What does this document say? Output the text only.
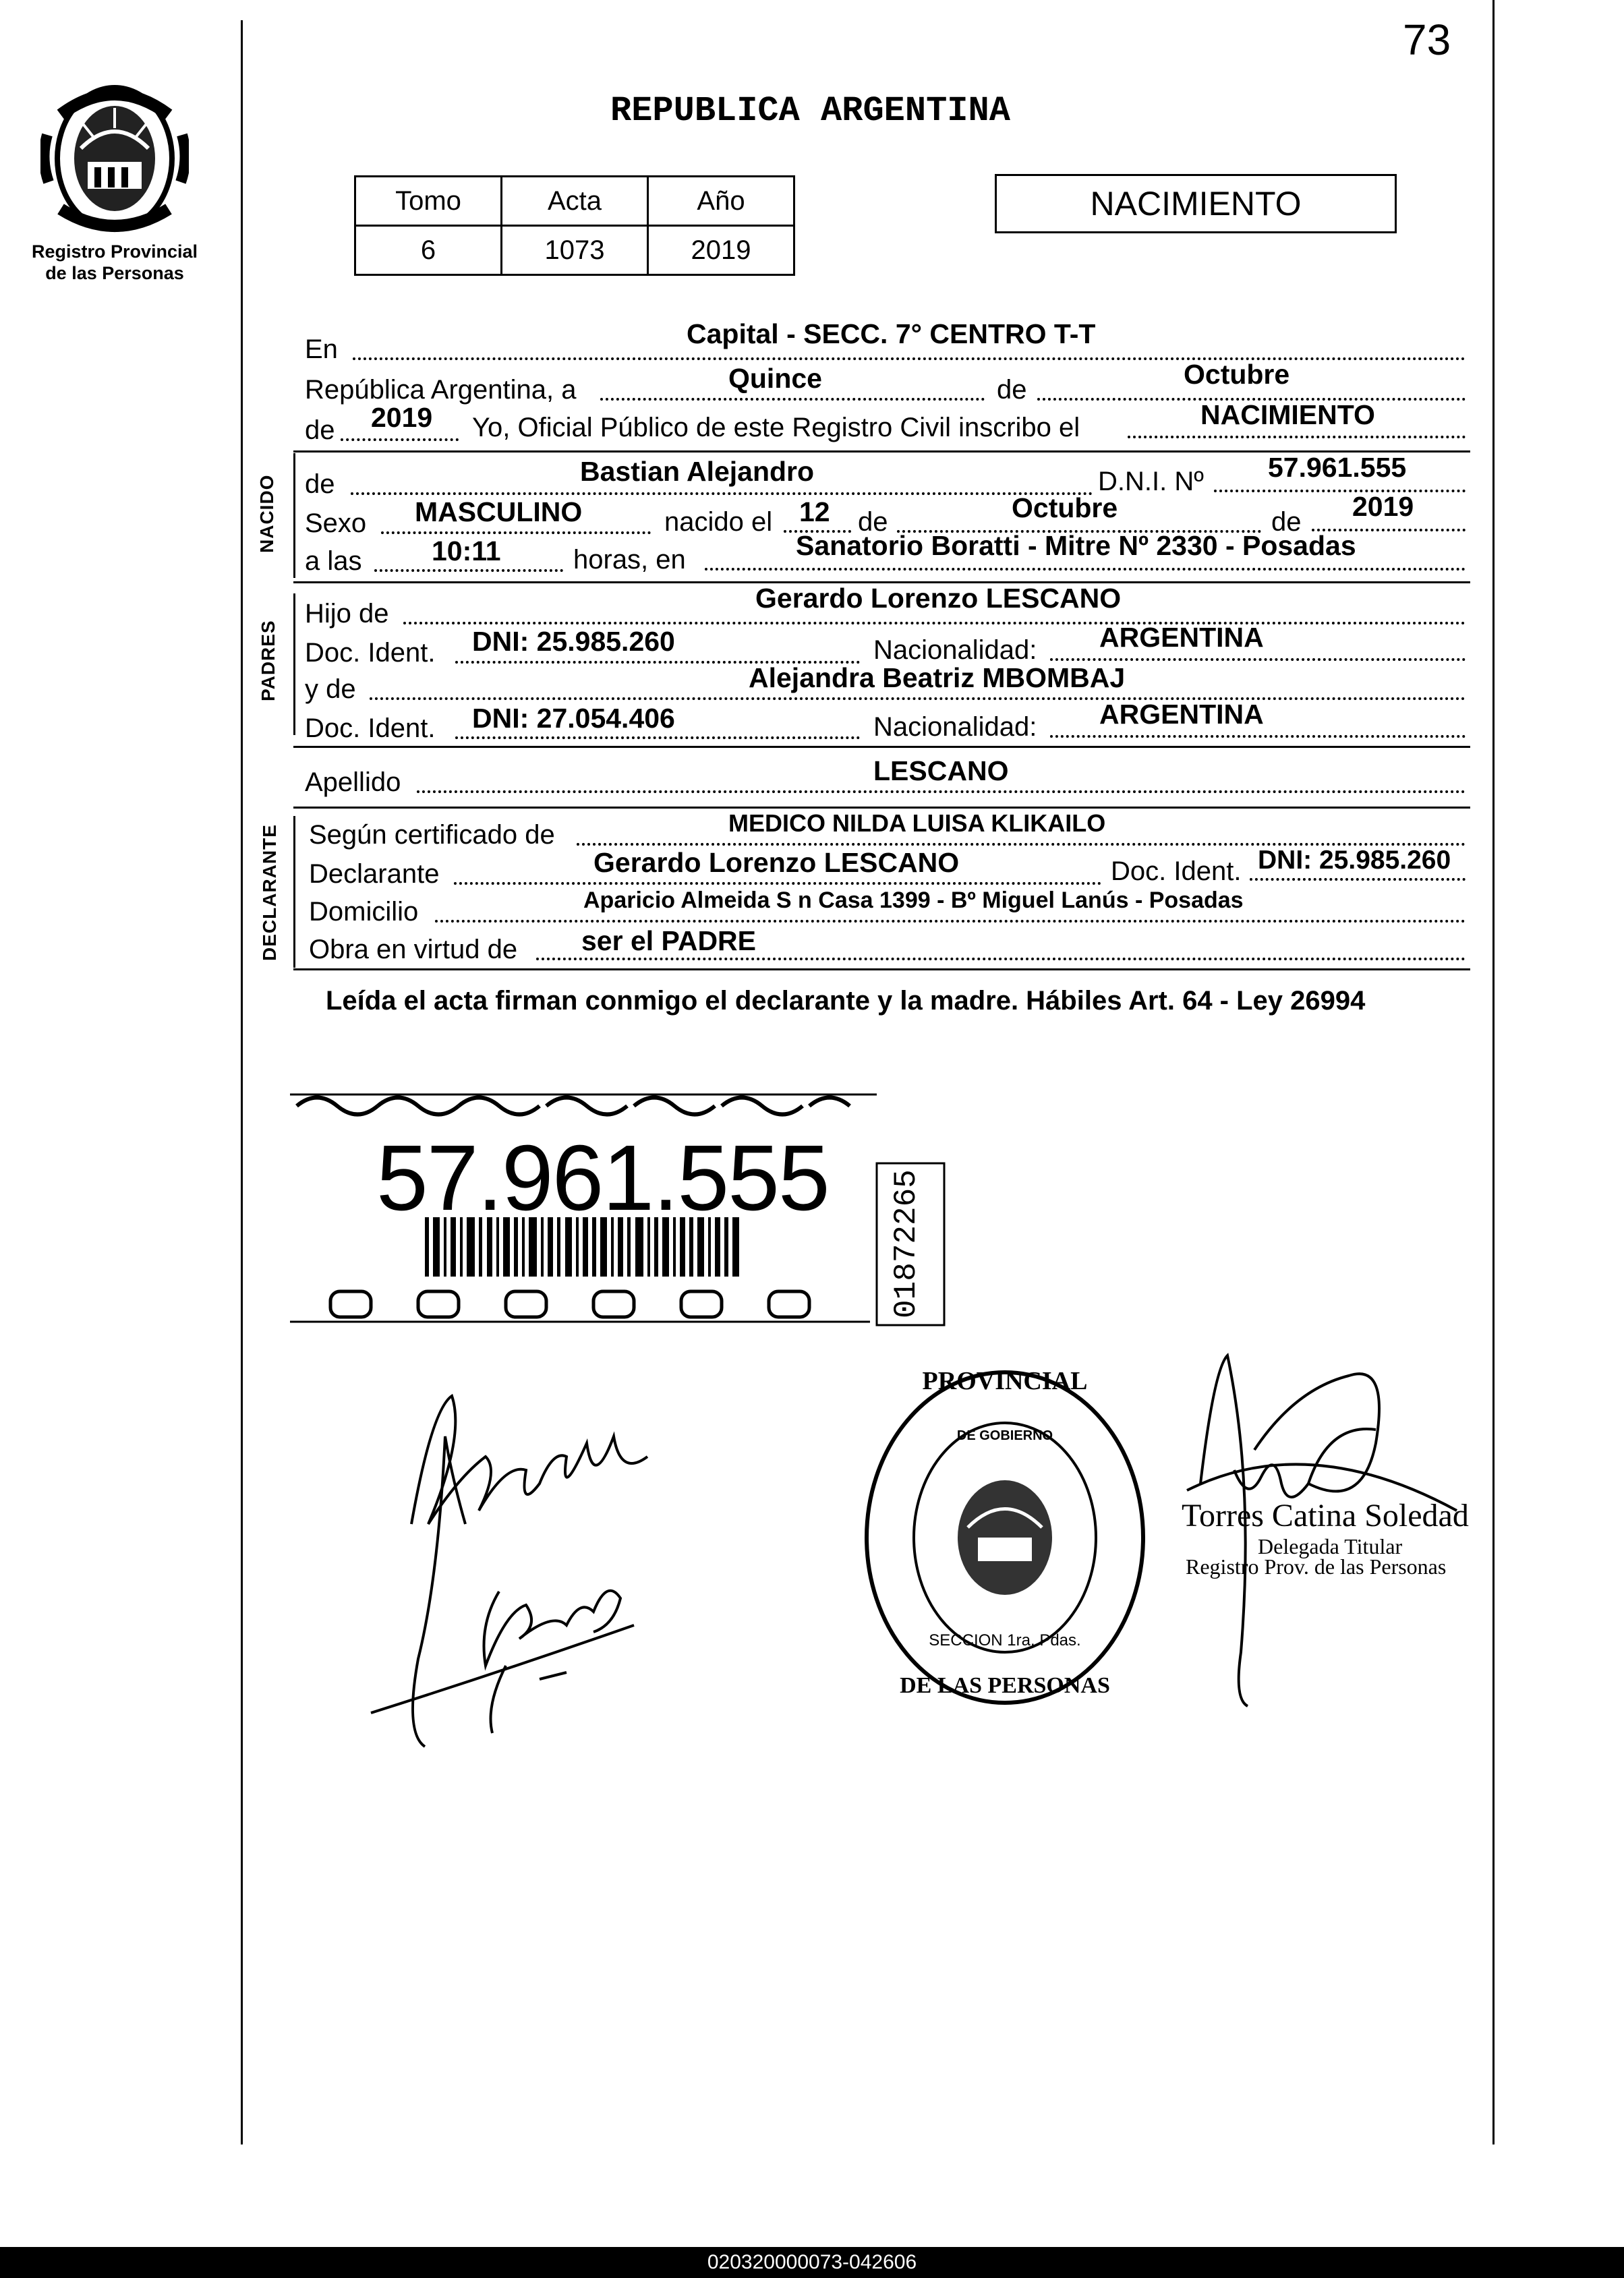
73
Registro Provincial
de las Personas
REPUBLICA ARGENTINA
Tomo	Acta	Año
6	1073	2019
NACIMIENTO
En	Capital - SECC. 7° CENTRO T-T
República Argentina, a	Quince	de	Octubre
de 2019 Yo, Oficial Público de este Registro Civil inscribo el	NACIMIENTO
NACIDO de	Bastian Alejandro	D.N.I. Nº 57.961.555
Sexo MASCULINO	nacido el 12 de	Octubre	de 2019
a las	10:11	horas, en	Sanatorio Boratti - Mitre Nº 2330 - Posadas
PADRES
Hijo de	Gerardo Lorenzo LESCANO
Doc. Ident. DNI: 25.985.260	Nacionalidad: ARGENTINA
y de	Alejandra Beatriz MBOMBAJ
Doc. Ident. DNI: 27.054.406	Nacionalidad: ARGENTINA
Apellido	LESCANO
DECLARANTE Según certificado de	MEDICO NILDA LUISA KLIKAILO
Declarante	Gerardo Lorenzo LESCANO	Doc. Ident. DNI: 25.985.260
Domicilio	Aparicio Almeida S n Casa 1399 - Bº Miguel Lanús - Posadas
Obra en virtud de ser el PADRE
Leída el acta firman conmigo el declarante y la madre. Hábiles Art. 64 - Ley 26994
57.961.555 01872265
PROVINCIAL
DE GOBIERNO
SECCION 1ra. Pdas.
DE LAS PERSONAS
Torres Catina Soledad
Delegada Titular
Registro Prov. de las Personas
020320000073-042606
